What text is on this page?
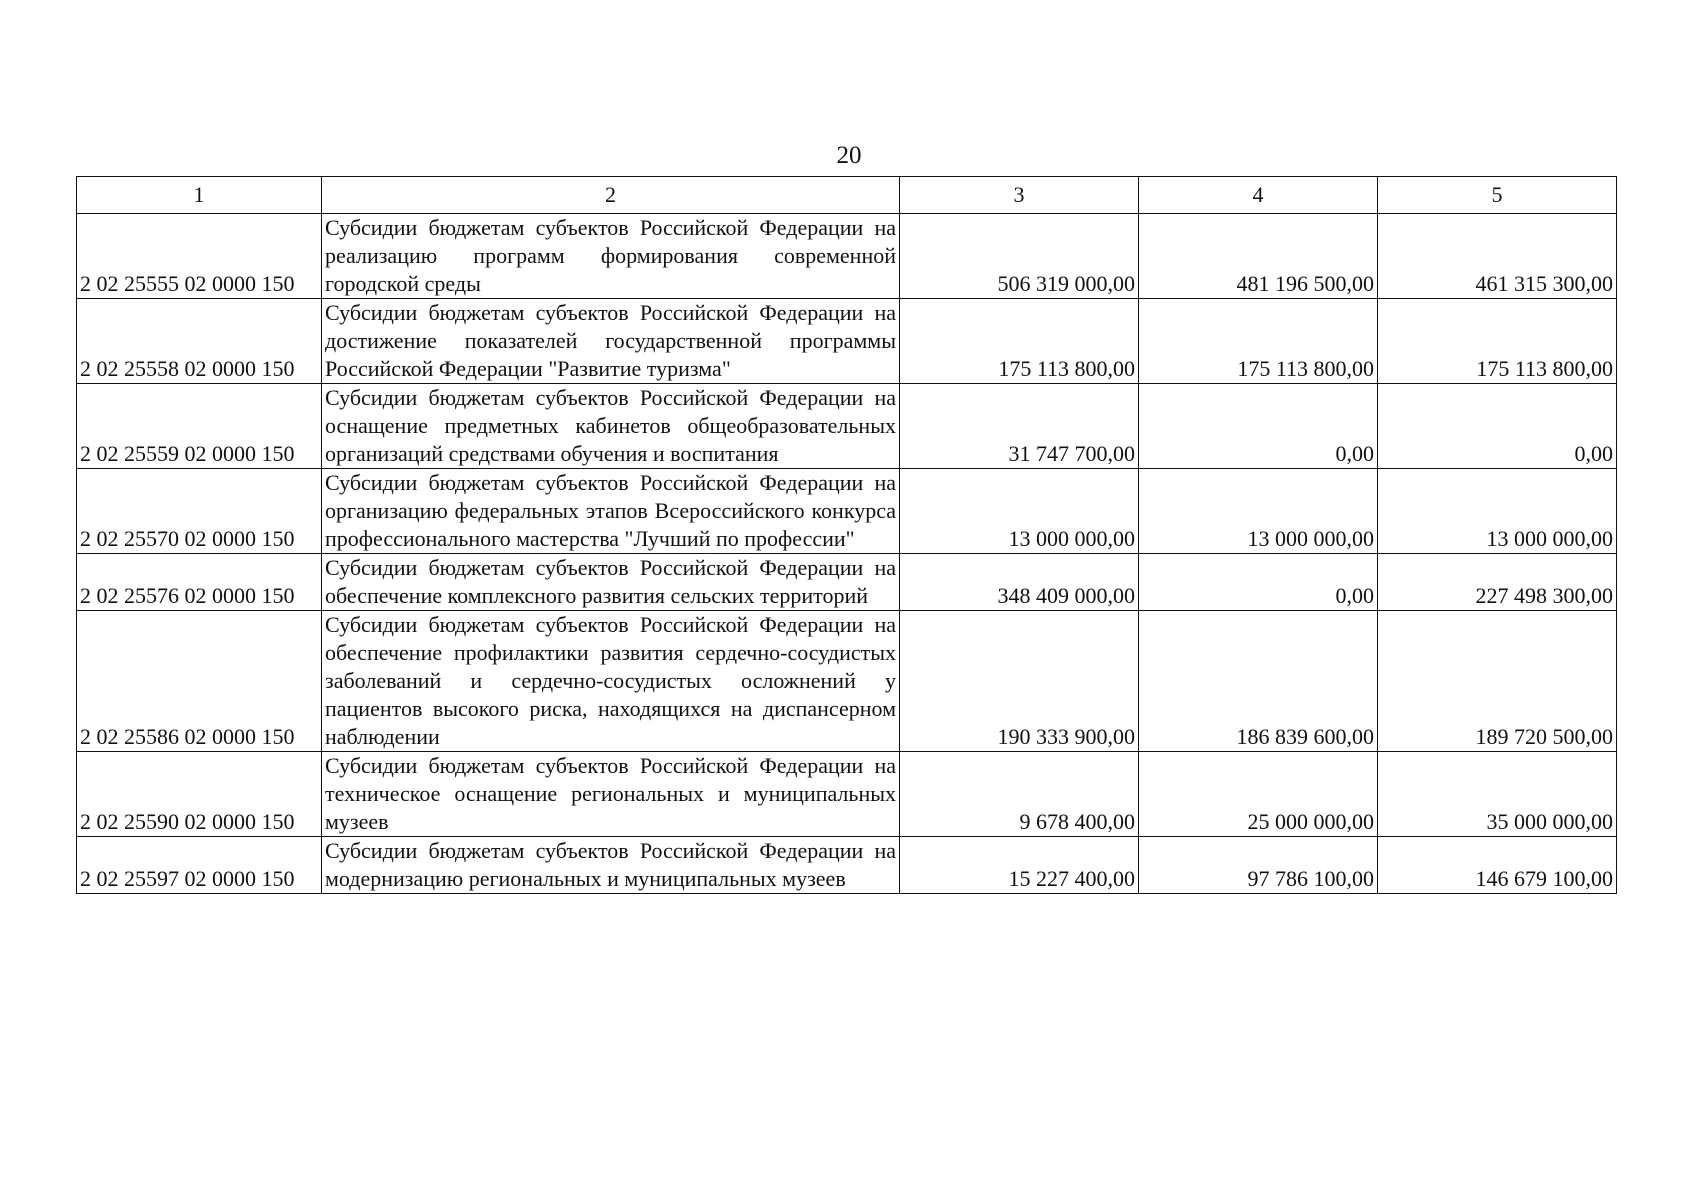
20
1	2	3	4	5
2 02 25555 02 0000 150	Субсидии бюджетам субъектов Российской Федерации на реализацию программ формирования современной городской среды	506 319 000,00	481 196 500,00	461 315 300,00
2 02 25558 02 0000 150	Субсидии бюджетам субъектов Российской Федерации на достижение показателей государственной программы Российской Федерации "Развитие туризма"	175 113 800,00	175 113 800,00	175 113 800,00
2 02 25559 02 0000 150	Субсидии бюджетам субъектов Российской Федерации на оснащение предметных кабинетов общеобразовательных организаций средствами обучения и воспитания	31 747 700,00	0,00	0,00
2 02 25570 02 0000 150	Субсидии бюджетам субъектов Российской Федерации на организацию федеральных этапов Всероссийского конкурса профессионального мастерства "Лучший по профессии"	13 000 000,00	13 000 000,00	13 000 000,00
2 02 25576 02 0000 150	Субсидии бюджетам субъектов Российской Федерации на обеспечение комплексного развития сельских территорий	348 409 000,00	0,00	227 498 300,00
2 02 25586 02 0000 150	Субсидии бюджетам субъектов Российской Федерации на обеспечение профилактики развития сердечно-сосудистых заболеваний и сердечно-сосудистых осложнений у пациентов высокого риска, находящихся на диспансерном наблюдении	190 333 900,00	186 839 600,00	189 720 500,00
2 02 25590 02 0000 150	Субсидии бюджетам субъектов Российской Федерации на техническое оснащение региональных и муниципальных музеев	9 678 400,00	25 000 000,00	35 000 000,00
2 02 25597 02 0000 150	Субсидии бюджетам субъектов Российской Федерации на модернизацию региональных и муниципальных музеев	15 227 400,00	97 786 100,00	146 679 100,00
